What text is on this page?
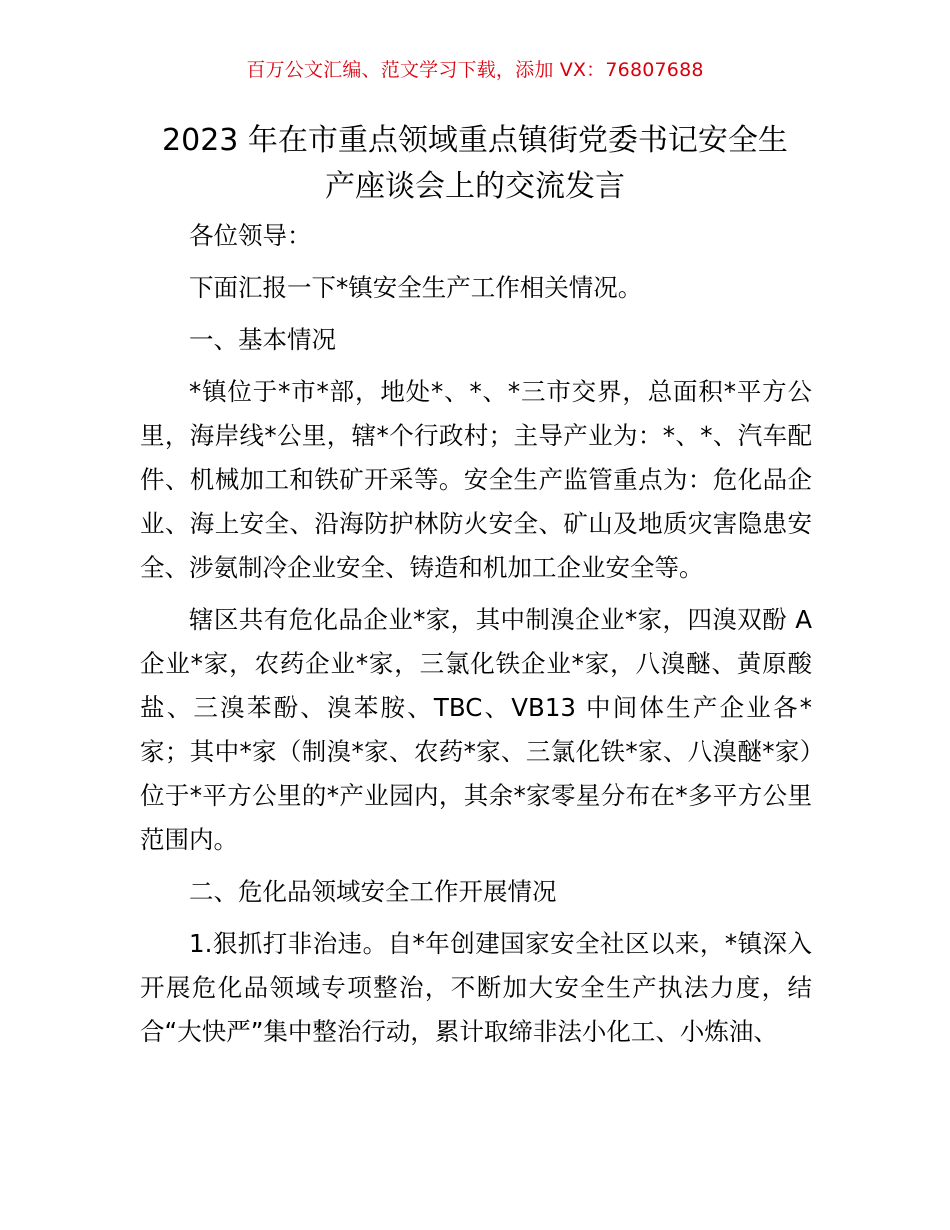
百万公文汇编、范文学习下载，添加 VX：76807688
2023 年在市重点领域重点镇街党委书记安全生
产座谈会上的交流发言

各位领导：

下面汇报一下*镇安全生产工作相关情况。

一、基本情况

*镇位于*市*部，地处*、*、*三市交界，总面积*平方公里，海岸线*公里，辖*个行政村；主导产业为：*、*、汽车配件、机械加工和铁矿开采等。安全生产监管重点为：危化品企业、海上安全、沿海防护林防火安全、矿山及地质灾害隐患安全、涉氨制冷企业安全、铸造和机加工企业安全等。

辖区共有危化品企业*家，其中制溴企业*家，四溴双酚 A 企业*家，农药企业*家，三氯化铁企业*家，八溴醚、黄原酸盐、三溴苯酚、溴苯胺、TBC、VB13 中间体生产企业各*家；其中*家（制溴*家、农药*家、三氯化铁*家、八溴醚*家）位于*平方公里的*产业园内，其余*家零星分布在*多平方公里范围内。

二、危化品领域安全工作开展情况

1.狠抓打非治违。自*年创建国家安全社区以来，*镇深入开展危化品领域专项整治，不断加大安全生产执法力度，结合“大快严”集中整治行动，累计取缔非法小化工、小炼油、
